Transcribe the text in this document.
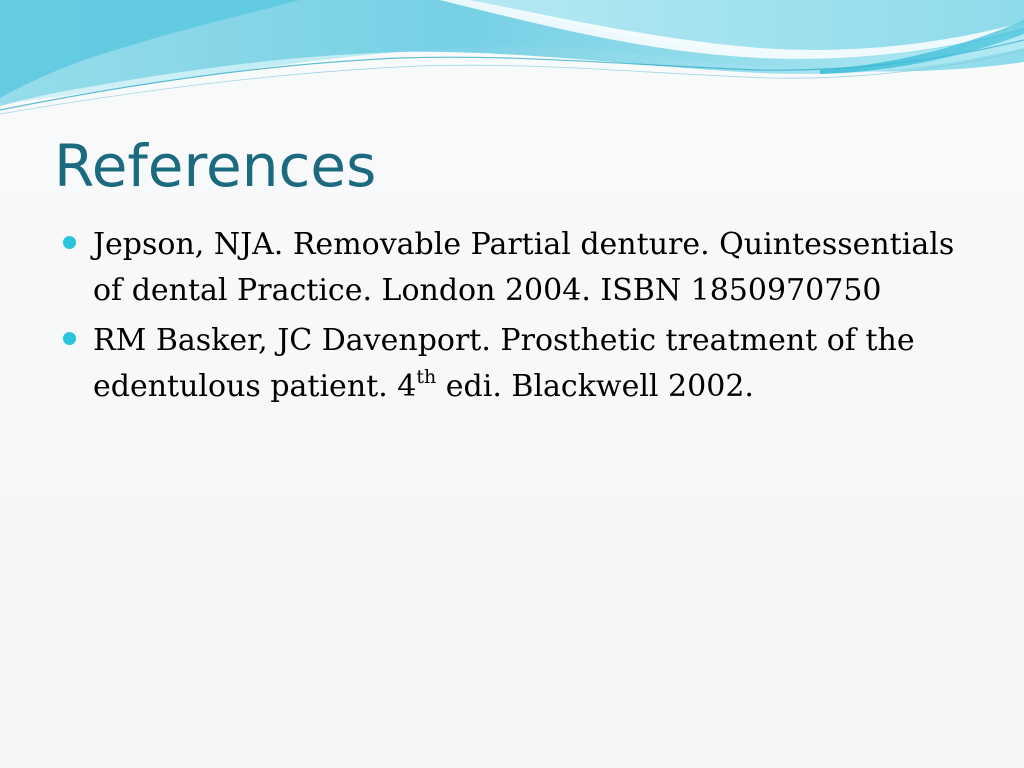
References
Jepson, NJA. Removable Partial denture. Quintessentials of dental Practice. London 2004. ISBN 1850970750
RM Basker, JC Davenport. Prosthetic treatment of the edentulous patient. 4th edi. Blackwell 2002.
